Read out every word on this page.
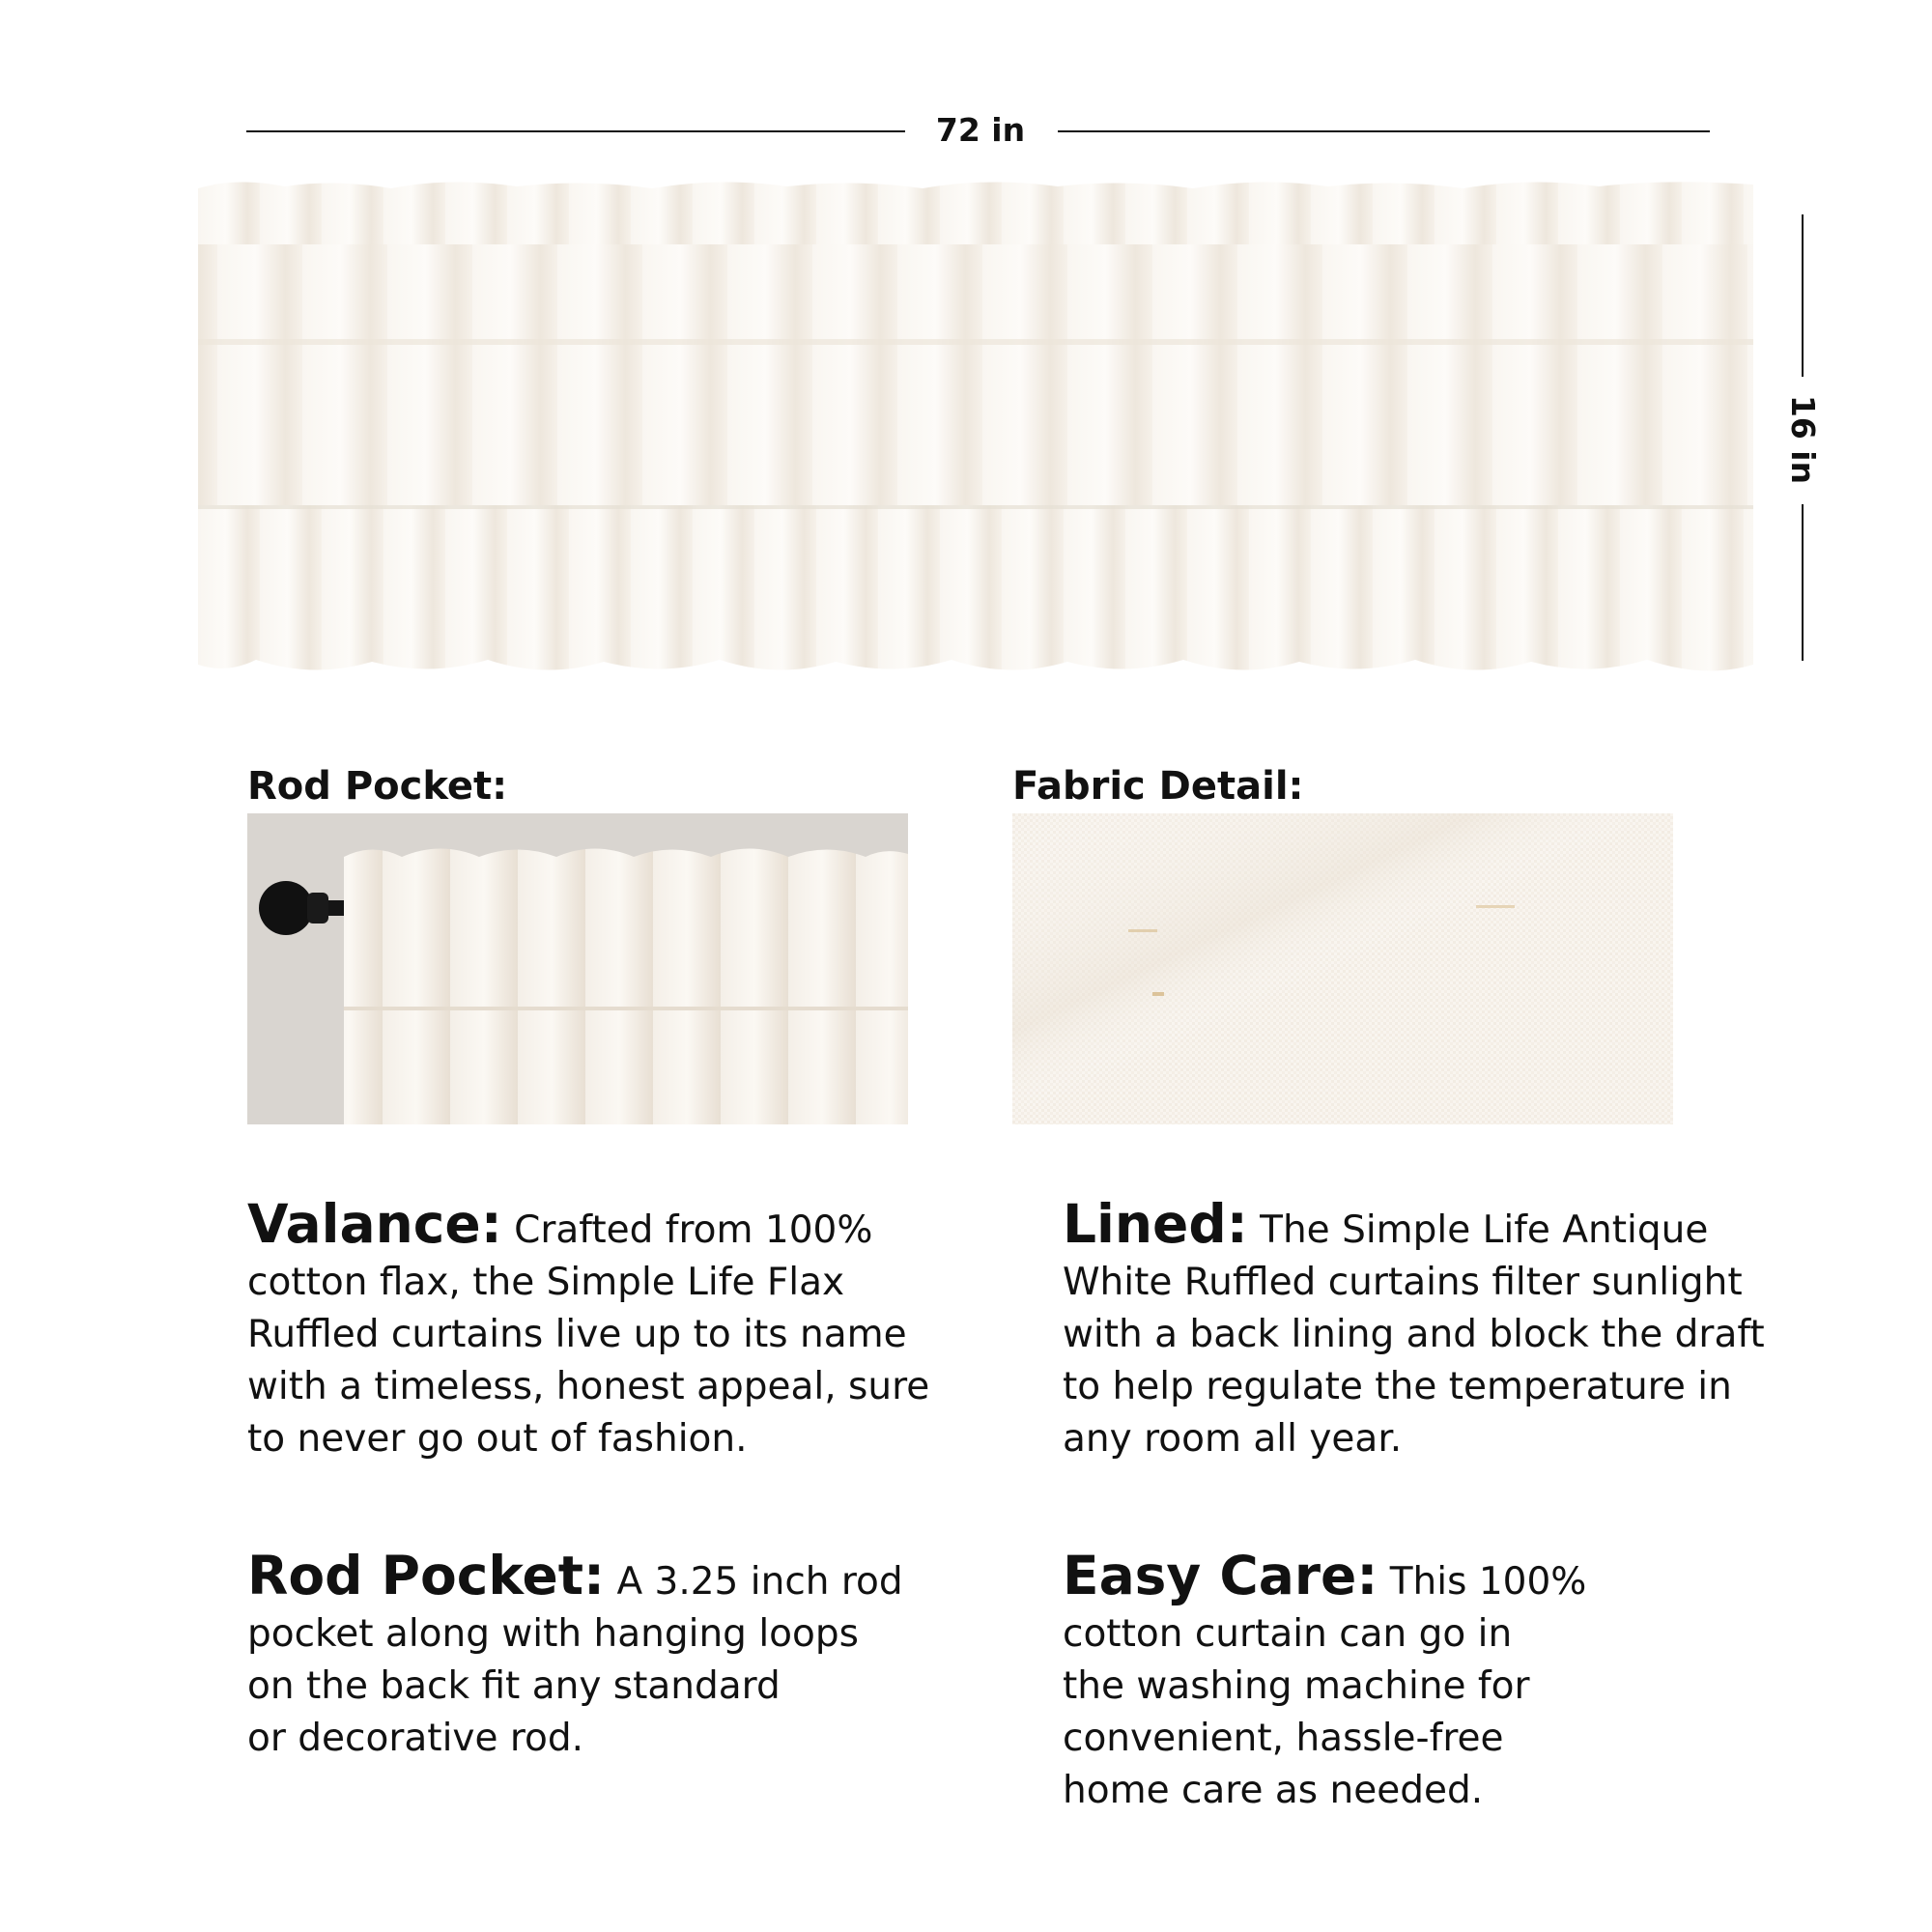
72 in
16 in
Rod Pocket:	Fabric Detail:
Valance: Crafted from 100%
cotton flax, the Simple Life Flax
Ruffled curtains live up to its name
with a timeless, honest appeal, sure
to never go out of fashion.
Lined: The Simple Life Antique
White Ruffled curtains filter sunlight
with a back lining and block the draft
to help regulate the temperature in
any room all year.
Rod Pocket: A 3.25 inch rod
pocket along with hanging loops
on the back fit any standard
or decorative rod.
Easy Care: This 100%
cotton curtain can go in
the washing machine for
convenient, hassle-free
home care as needed.
